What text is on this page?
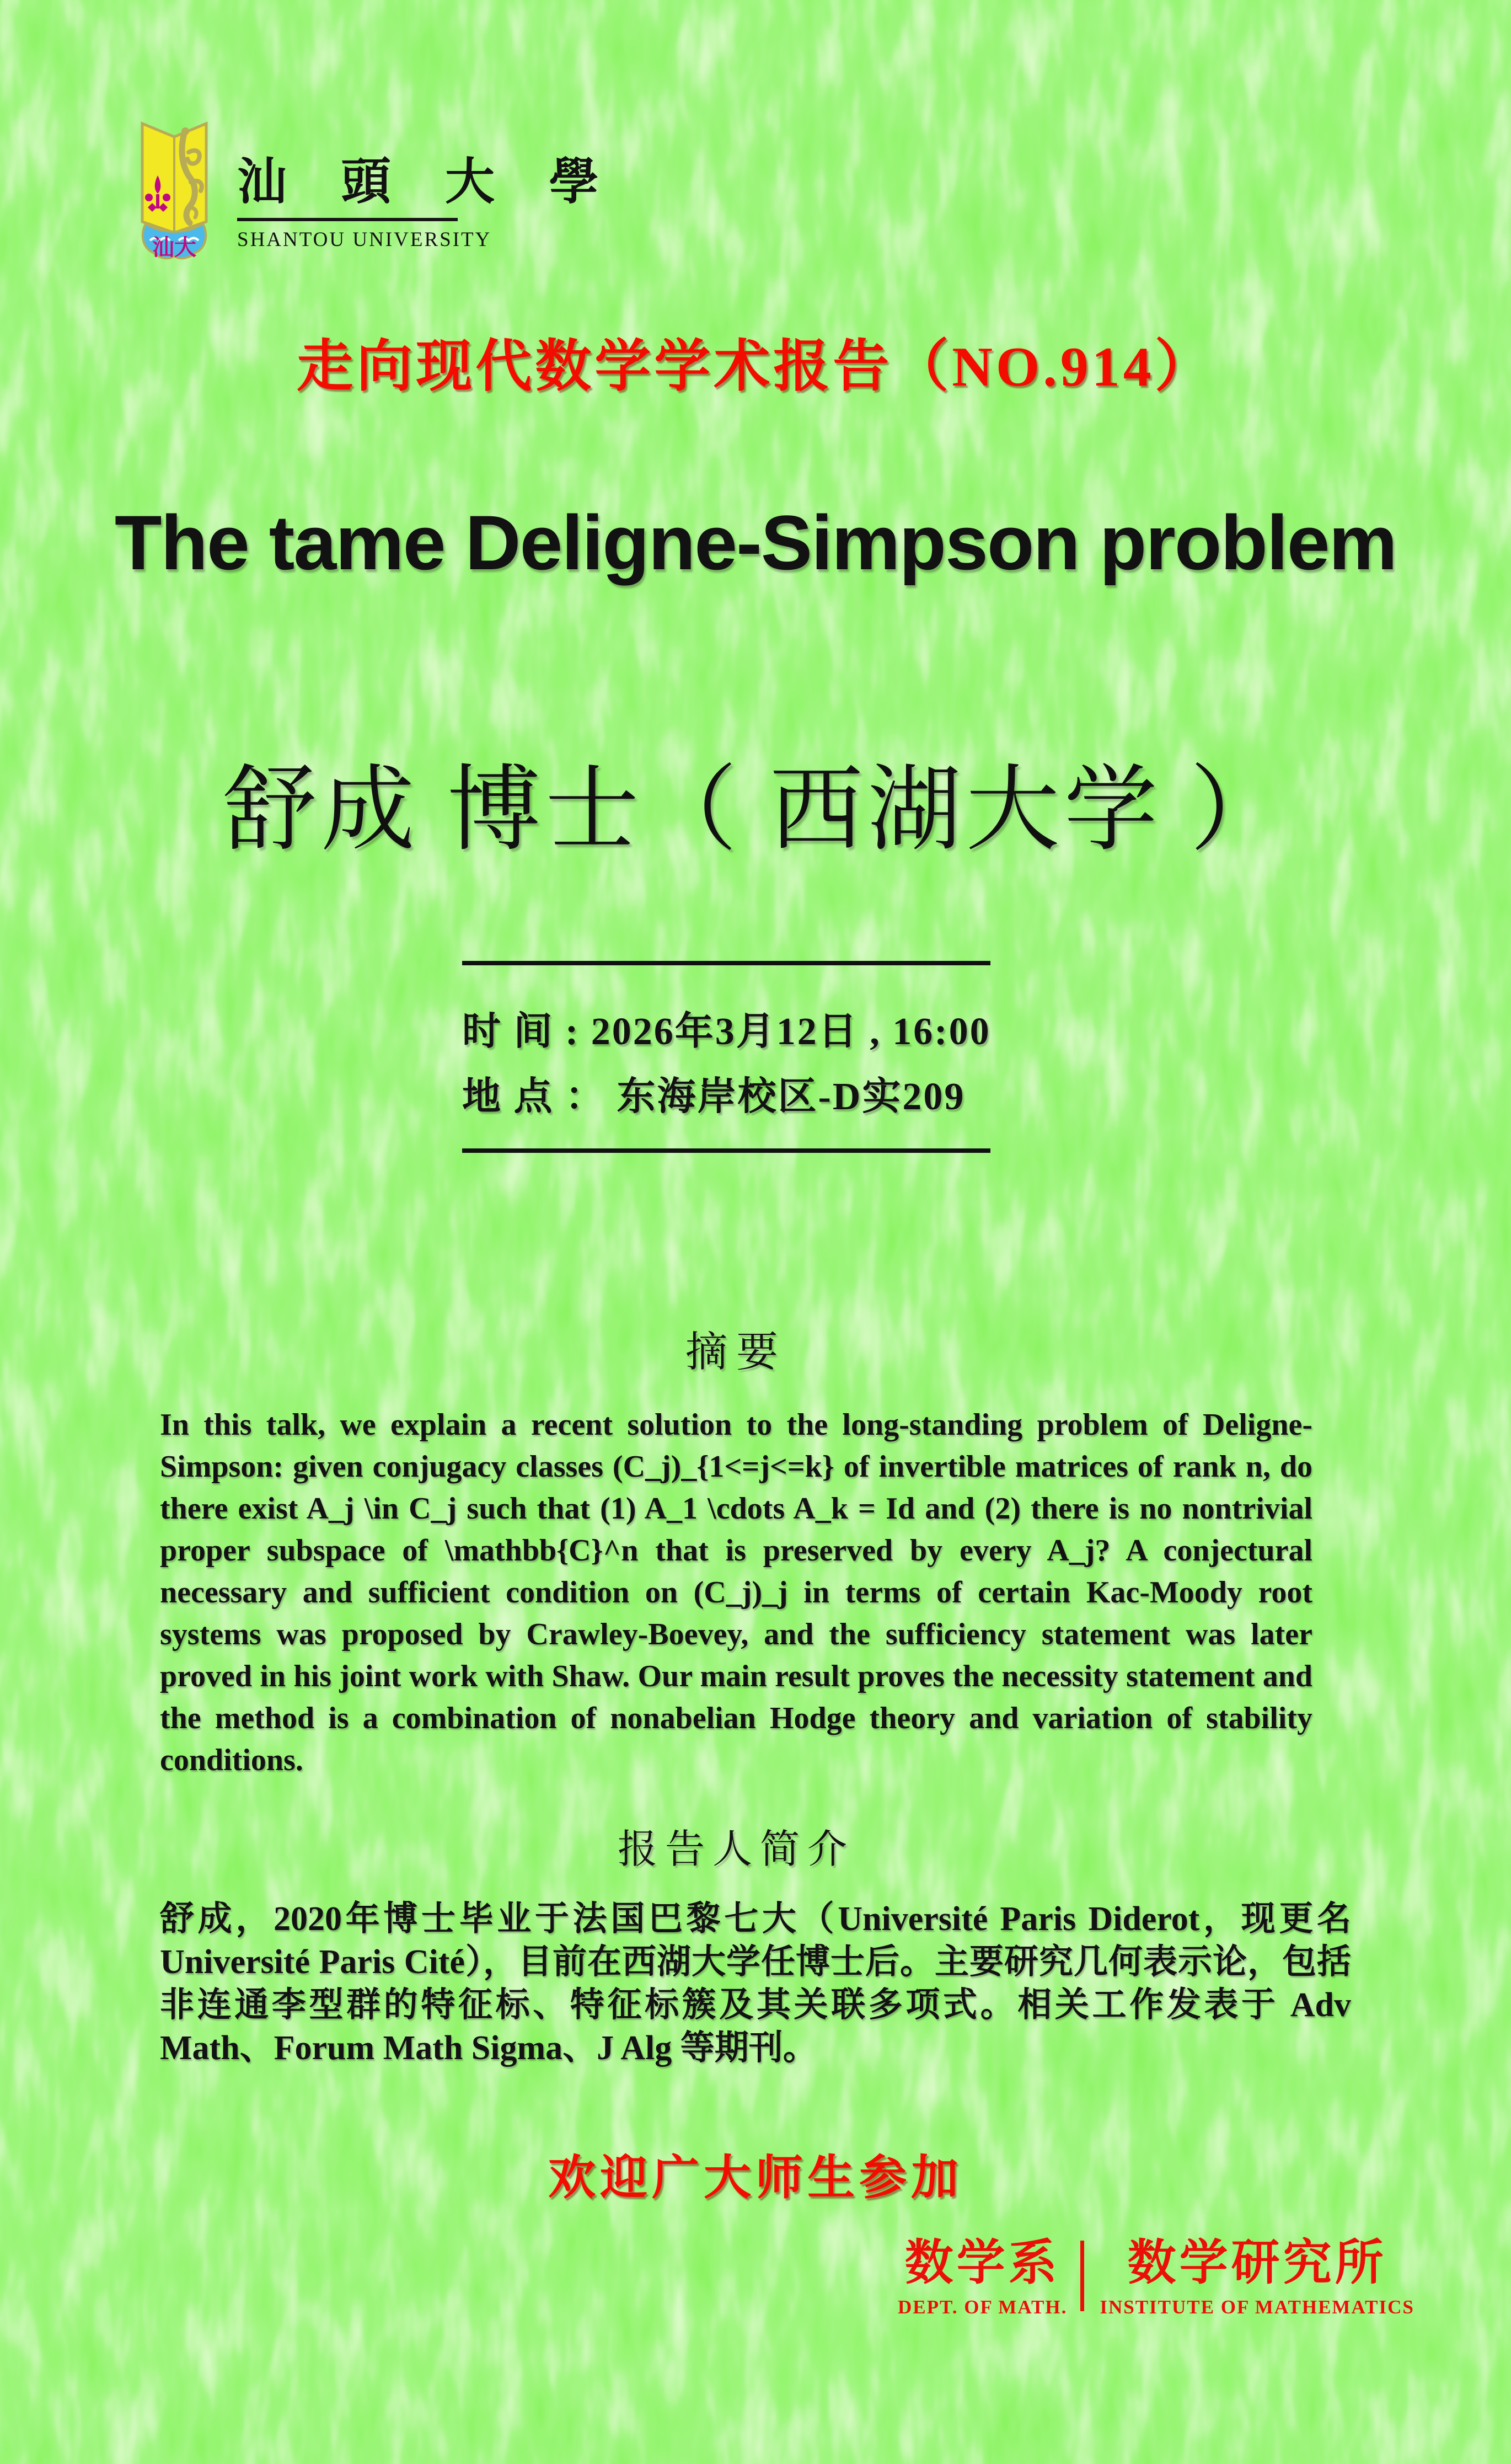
汕大
汕 頭 大 學
SHANTOU UNIVERSITY
走向现代数学学术报告（NO.914）
The tame Deligne-Simpson problem
舒成 博士（ 西湖大学 ）
时 间 : 2026年3月12日 , 16:00
地 点 ： 东海岸校区-D实209
摘要
In this talk, we explain a recent solution to the long-standing problem of Deligne-Simpson: given conjugacy classes (C_j)_{1<=j<=k} of invertible matrices of rank n, do there exist A_j \in C_j such that (1) A_1 \cdots A_k = Id and (2) there is no nontrivial proper subspace of \mathbb{C}^n that is preserved by every A_j? A conjectural necessary and sufficient condition on (C_j)_j in terms of certain Kac-Moody root systems was proposed by Crawley-Boevey, and the sufficiency statement was later proved in his joint work with Shaw. Our main result proves the necessity statement and the method is a combination of nonabelian Hodge theory and variation of stability conditions.
报告人简介
舒成，2020年博士毕业于法国巴黎七大（Université Paris Diderot，现更名 Université Paris Cité），目前在西湖大学任博士后。主要研究几何表示论，包括非连通李型群的特征标、特征标簇及其关联多项式。相关工作发表于 Adv Math、Forum Math Sigma、J Alg 等期刊。
欢迎广大师生参加
数学系
DEPT. OF MATH.
数学研究所
INSTITUTE OF MATHEMATICS
